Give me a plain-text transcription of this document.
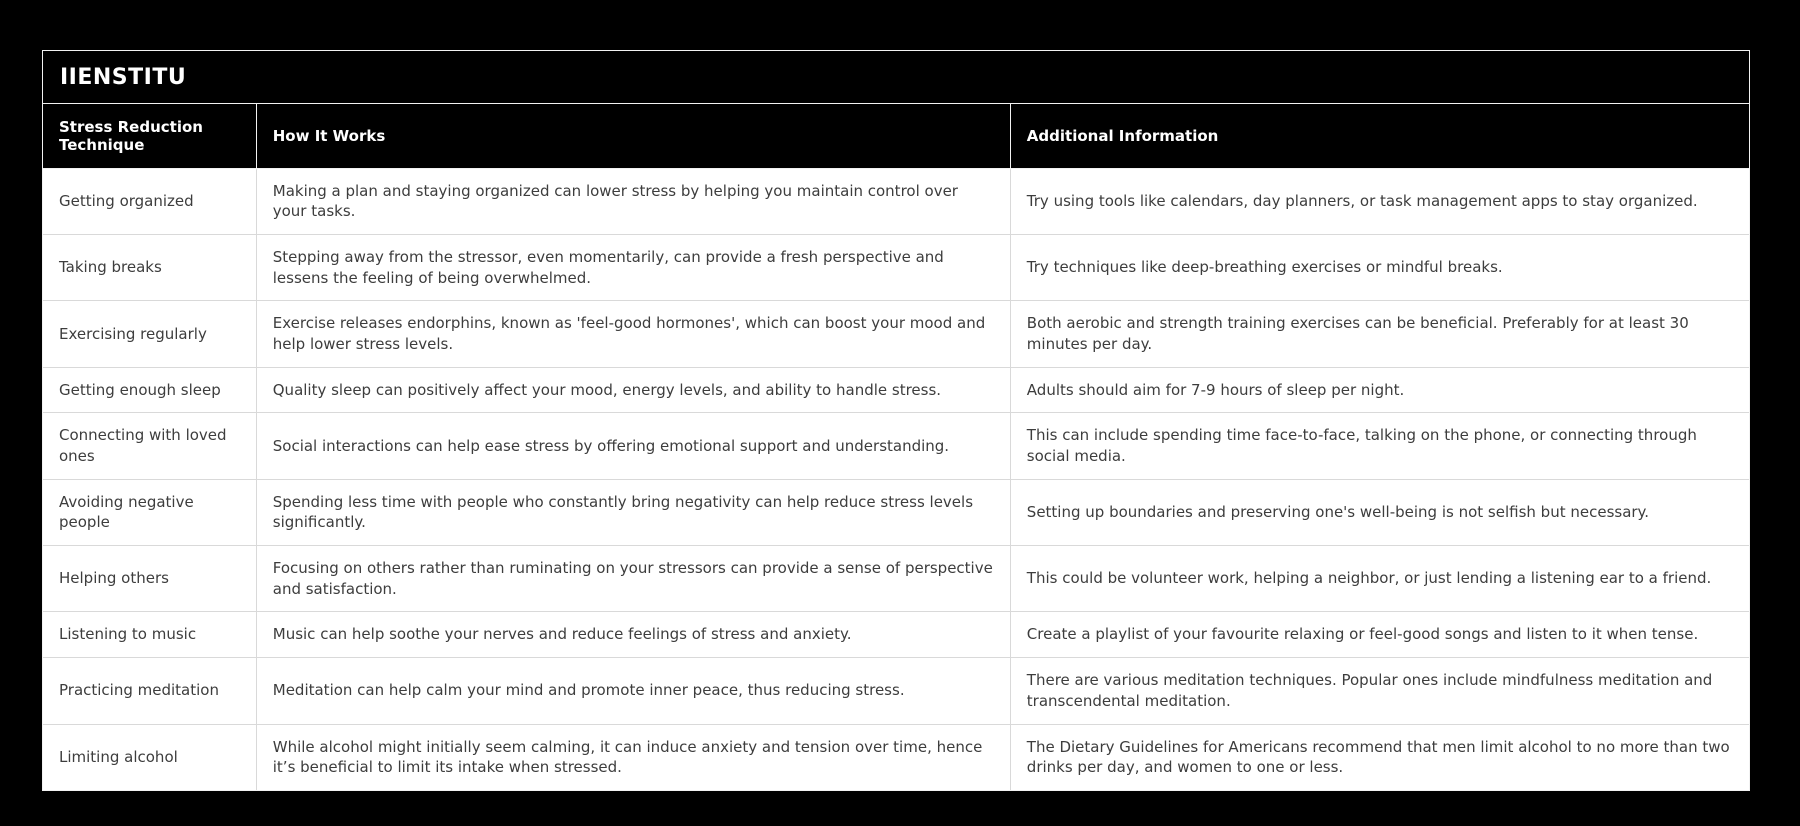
IIENSTITU
Stress Reduction Technique	How It Works	Additional Information
Getting organized	Making a plan and staying organized can lower stress by helping you maintain control over your tasks.	Try using tools like calendars, day planners, or task management apps to stay organized.
Taking breaks	Stepping away from the stressor, even momentarily, can provide a fresh perspective and lessens the feeling of being overwhelmed.	Try techniques like deep-breathing exercises or mindful breaks.
Exercising regularly	Exercise releases endorphins, known as 'feel-good hormones', which can boost your mood and help lower stress levels.	Both aerobic and strength training exercises can be beneficial. Preferably for at least 30 minutes per day.
Getting enough sleep	Quality sleep can positively affect your mood, energy levels, and ability to handle stress.	Adults should aim for 7-9 hours of sleep per night.
Connecting with loved ones	Social interactions can help ease stress by offering emotional support and understanding.	This can include spending time face-to-face, talking on the phone, or connecting through social media.
Avoiding negative people	Spending less time with people who constantly bring negativity can help reduce stress levels significantly.	Setting up boundaries and preserving one's well-being is not selfish but necessary.
Helping others	Focusing on others rather than ruminating on your stressors can provide a sense of perspective and satisfaction.	This could be volunteer work, helping a neighbor, or just lending a listening ear to a friend.
Listening to music	Music can help soothe your nerves and reduce feelings of stress and anxiety.	Create a playlist of your favourite relaxing or feel-good songs and listen to it when tense.
Practicing meditation	Meditation can help calm your mind and promote inner peace, thus reducing stress.	There are various meditation techniques. Popular ones include mindfulness meditation and transcendental meditation.
Limiting alcohol	While alcohol might initially seem calming, it can induce anxiety and tension over time, hence it’s beneficial to limit its intake when stressed.	The Dietary Guidelines for Americans recommend that men limit alcohol to no more than two drinks per day, and women to one or less.
